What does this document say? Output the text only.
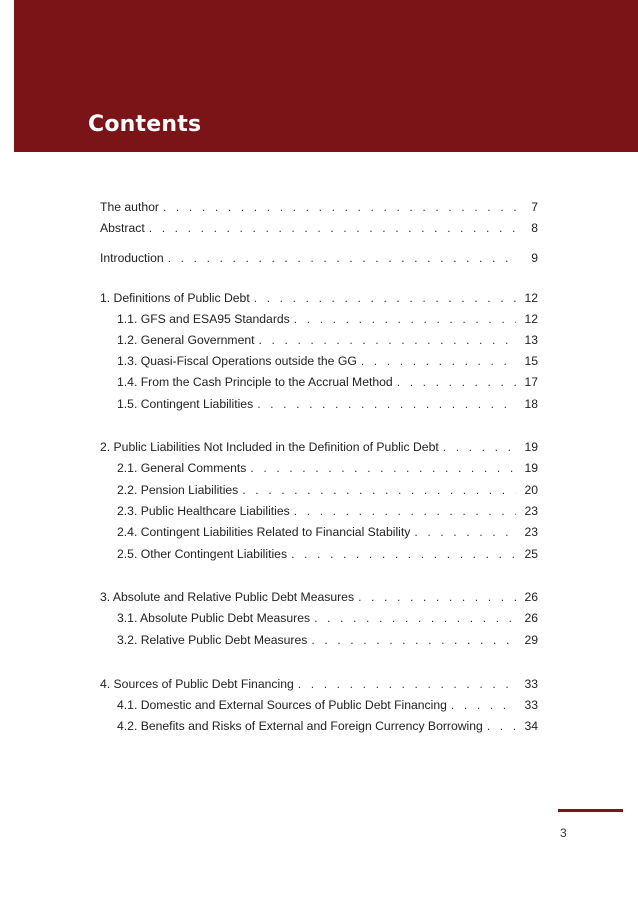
Contents
The author . . .	7
Abstract . . .	8
Introduction . . .	9
1. Definitions of Public Debt . . .	12
1.1. GFS and ESA95 Standards . . .	12
1.2. General Government . . .	13
1.3. Quasi-Fiscal Operations outside the GG . . .	15
1.4. From the Cash Principle to the Accrual Method . . .	17
1.5. Contingent Liabilities . . .	18
2. Public Liabilities Not Included in the Definition of Public Debt . . .	19
2.1. General Comments . . .	19
2.2. Pension Liabilities . . .	20
2.3. Public Healthcare Liabilities . . .	23
2.4. Contingent Liabilities Related to Financial Stability . . .	23
2.5. Other Contingent Liabilities . . .	25
3. Absolute and Relative Public Debt Measures . . .	26
3.1. Absolute Public Debt Measures . . .	26
3.2. Relative Public Debt Measures . . .	29
4. Sources of Public Debt Financing . . .	33
4.1. Domestic and External Sources of Public Debt Financing . . .	33
4.2. Benefits and Risks of External and Foreign Currency Borrowing . . .	34
3
